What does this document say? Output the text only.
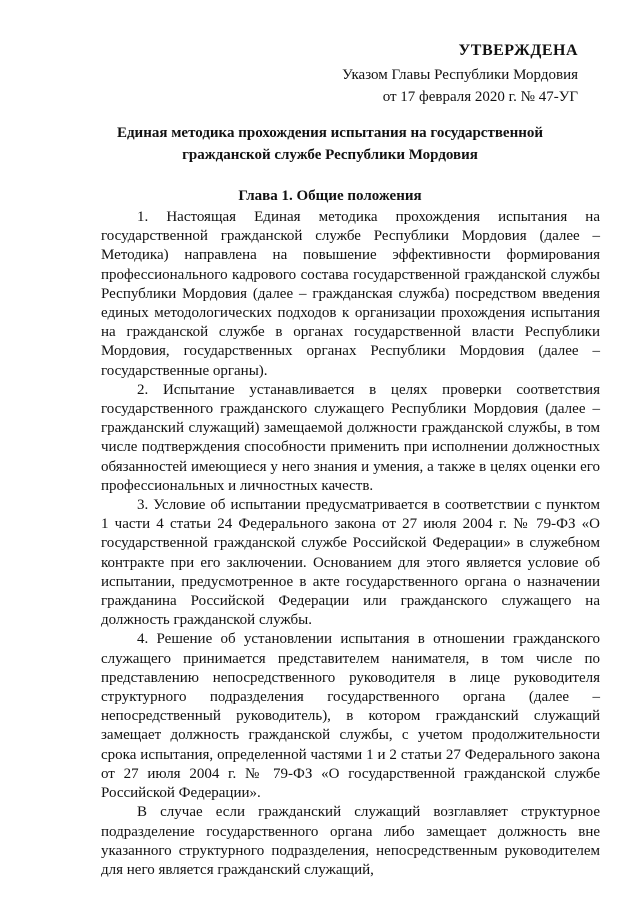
УТВЕРЖДЕНА
Указом Главы Республики Мордовия
от 17 февраля 2020 г. № 47-УГ
Единая методика прохождения испытания на государственной
гражданской службе Республики Мордовия
Глава 1. Общие положения

1. Настоящая Единая методика прохождения испытания на государственной гражданской службе Республики Мордовия (далее – Методика) направлена на повышение эффективности формирования профессионального кадрового состава государственной гражданской службы Республики Мордовия (далее – гражданская служба) посредством введения единых методологических подходов к организации прохождения испытания на гражданской службе в органах государственной власти Республики Мордовия, государственных органах Республики Мордовия (далее – государственные органы).

2. Испытание устанавливается в целях проверки соответствия государственного гражданского служащего Республики Мордовия (далее – гражданский служащий) замещаемой должности гражданской службы, в том числе подтверждения способности применить при исполнении должностных обязанностей имеющиеся у него знания и умения, а также в целях оценки его профессиональных и личностных качеств.

3. Условие об испытании предусматривается в соответствии с пунктом 1 части 4 статьи 24 Федерального закона от 27 июля 2004 г. № 79-ФЗ «О государственной гражданской службе Российской Федерации» в служебном контракте при его заключении. Основанием для этого является условие об испытании, предусмотренное в акте государственного органа о назначении гражданина Российской Федерации или гражданского служащего на должность гражданской службы.

4. Решение об установлении испытания в отношении гражданского служащего принимается представителем нанимателя, в том числе по представлению непосредственного руководителя в лице руководителя структурного подразделения государственного органа (далее – непосредственный руководитель), в котором гражданский служащий замещает должность гражданской службы, с учетом продолжительности срока испытания, определенной частями 1 и 2 статьи 27 Федерального закона от 27 июля 2004 г. № 79-ФЗ «О государственной гражданской службе Российской Федерации».

В случае если гражданский служащий возглавляет структурное подразделение государственного органа либо замещает должность вне указанного структурного подразделения, непосредственным руководителем для него является гражданский служащий,
